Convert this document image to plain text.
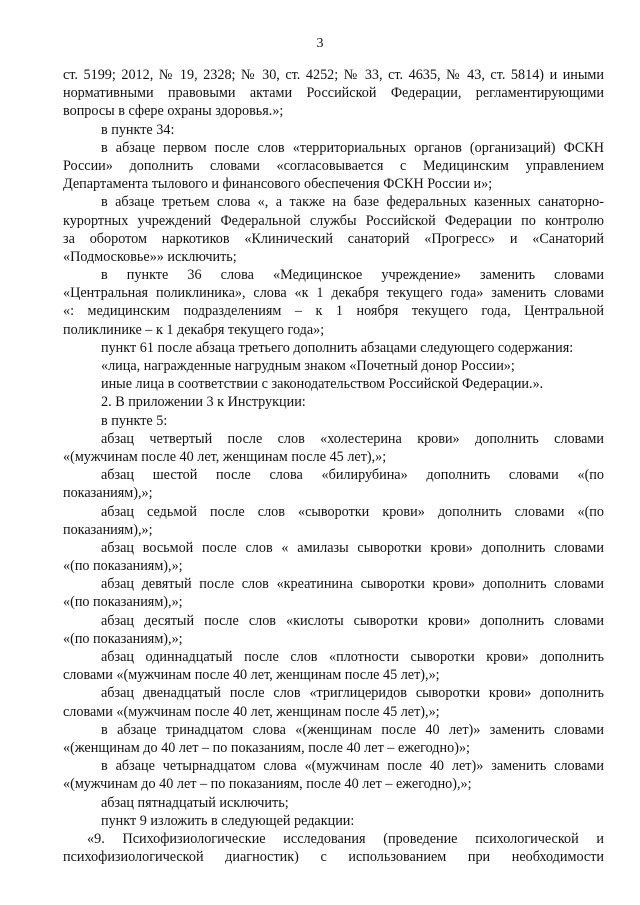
3
ст. 5199; 2012, № 19, 2328; № 30, ст. 4252; № 33, ст. 4635, № 43, ст. 5814) и иными
нормативными правовыми актами Российской Федерации, регламентирующими
вопросы в сфере охраны здоровья.»;
в пункте 34:
в абзаце первом после слов «территориальных органов (организаций) ФСКН
России» дополнить словами «согласовывается с Медицинским управлением
Департамента тылового и финансового обеспечения ФСКН России и»;
в абзаце третьем слова «, а также на базе федеральных казенных санаторно-
курортных учреждений Федеральной службы Российской Федерации по контролю
за оборотом наркотиков «Клинический санаторий «Прогресс» и «Санаторий
«Подмосковье»» исключить;
в пункте 36 слова «Медицинское учреждение» заменить словами
«Центральная поликлиника», слова «к 1 декабря текущего года» заменить словами
«: медицинским подразделениям – к 1 ноября текущего года, Центральной
поликлинике – к 1 декабря текущего года»;
пункт 61 после абзаца третьего дополнить абзацами следующего содержания:
«лица, награжденные нагрудным знаком «Почетный донор России»;
иные лица в соответствии с законодательством Российской Федерации.».
2. В приложении 3 к Инструкции:
в пункте 5:
абзац четвертый после слов «холестерина крови» дополнить словами
«(мужчинам после 40 лет, женщинам после 45 лет),»;
абзац шестой после слова «билирубина» дополнить словами «(по
показаниям),»;
абзац седьмой после слов «сыворотки крови» дополнить словами «(по
показаниям),»;
абзац восьмой после слов « амилазы сыворотки крови» дополнить словами
«(по показаниям),»;
абзац девятый после слов «креатинина сыворотки крови» дополнить словами
«(по показаниям),»;
абзац десятый после слов «кислоты сыворотки крови» дополнить словами
«(по показаниям),»;
абзац одиннадцатый после слов «плотности сыворотки крови» дополнить
словами «(мужчинам после 40 лет, женщинам после 45 лет),»;
абзац двенадцатый после слов «триглицеридов сыворотки крови» дополнить
словами «(мужчинам после 40 лет, женщинам после 45 лет),»;
в абзаце тринадцатом слова «(женщинам после 40 лет)» заменить словами
«(женщинам до 40 лет – по показаниям, после 40 лет – ежегодно)»;
в абзаце четырнадцатом слова «(мужчинам после 40 лет)» заменить словами
«(мужчинам до 40 лет – по показаниям, после 40 лет – ежегодно),»;
абзац пятнадцатый исключить;
пункт 9 изложить в следующей редакции:
«9. Психофизиологические исследования (проведение психологической и
психофизиологической диагностик) с использованием при необходимости
